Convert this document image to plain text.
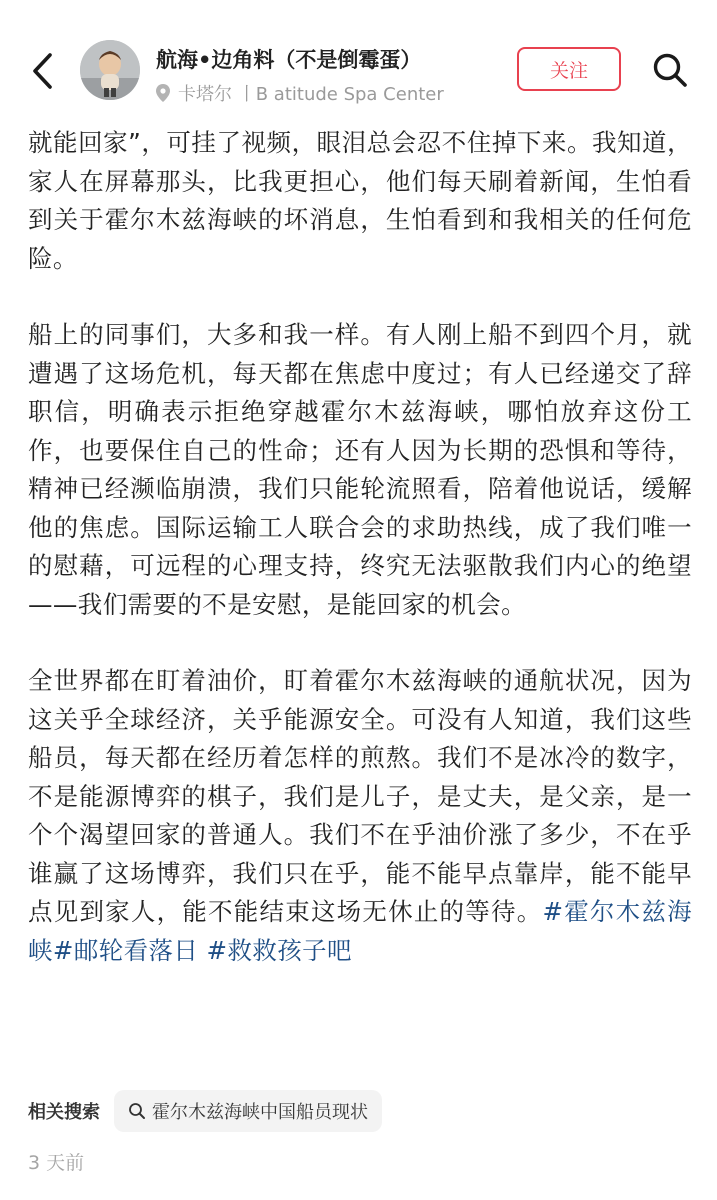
航海•边角料（不是倒霉蛋）
卡塔尔 丨B atitude Spa Center
关注

就能回家”，可挂了视频，眼泪总会忍不住掉下来。我知道，家人在屏幕那头，比我更担心，他们每天刷着新闻，生怕看到关于霍尔木兹海峡的坏消息，生怕看到和我相关的任何危险。

船上的同事们，大多和我一样。有人刚上船不到四个月，就遭遇了这场危机，每天都在焦虑中度过；有人已经递交了辞职信，明确表示拒绝穿越霍尔木兹海峡，哪怕放弃这份工作，也要保住自己的性命；还有人因为长期的恐惧和等待，精神已经濒临崩溃，我们只能轮流照看，陪着他说话，缓解他的焦虑。国际运输工人联合会的求助热线，成了我们唯一的慰藉，可远程的心理支持，终究无法驱散我们内心的绝望——我们需要的不是安慰，是能回家的机会。

全世界都在盯着油价，盯着霍尔木兹海峡的通航状况，因为这关乎全球经济，关乎能源安全。可没有人知道，我们这些船员，每天都在经历着怎样的煎熬。我们不是冰冷的数字，不是能源博弈的棋子，我们是儿子，是丈夫，是父亲，是一个个渴望回家的普通人。我们不在乎油价涨了多少，不在乎谁赢了这场博弈，我们只在乎，能不能早点靠岸，能不能早点见到家人，能不能结束这场无休止的等待。#霍尔木兹海峡#邮轮看落日 #救救孩子吧

相关搜索	霍尔木兹海峡中国船员现状
3 天前
